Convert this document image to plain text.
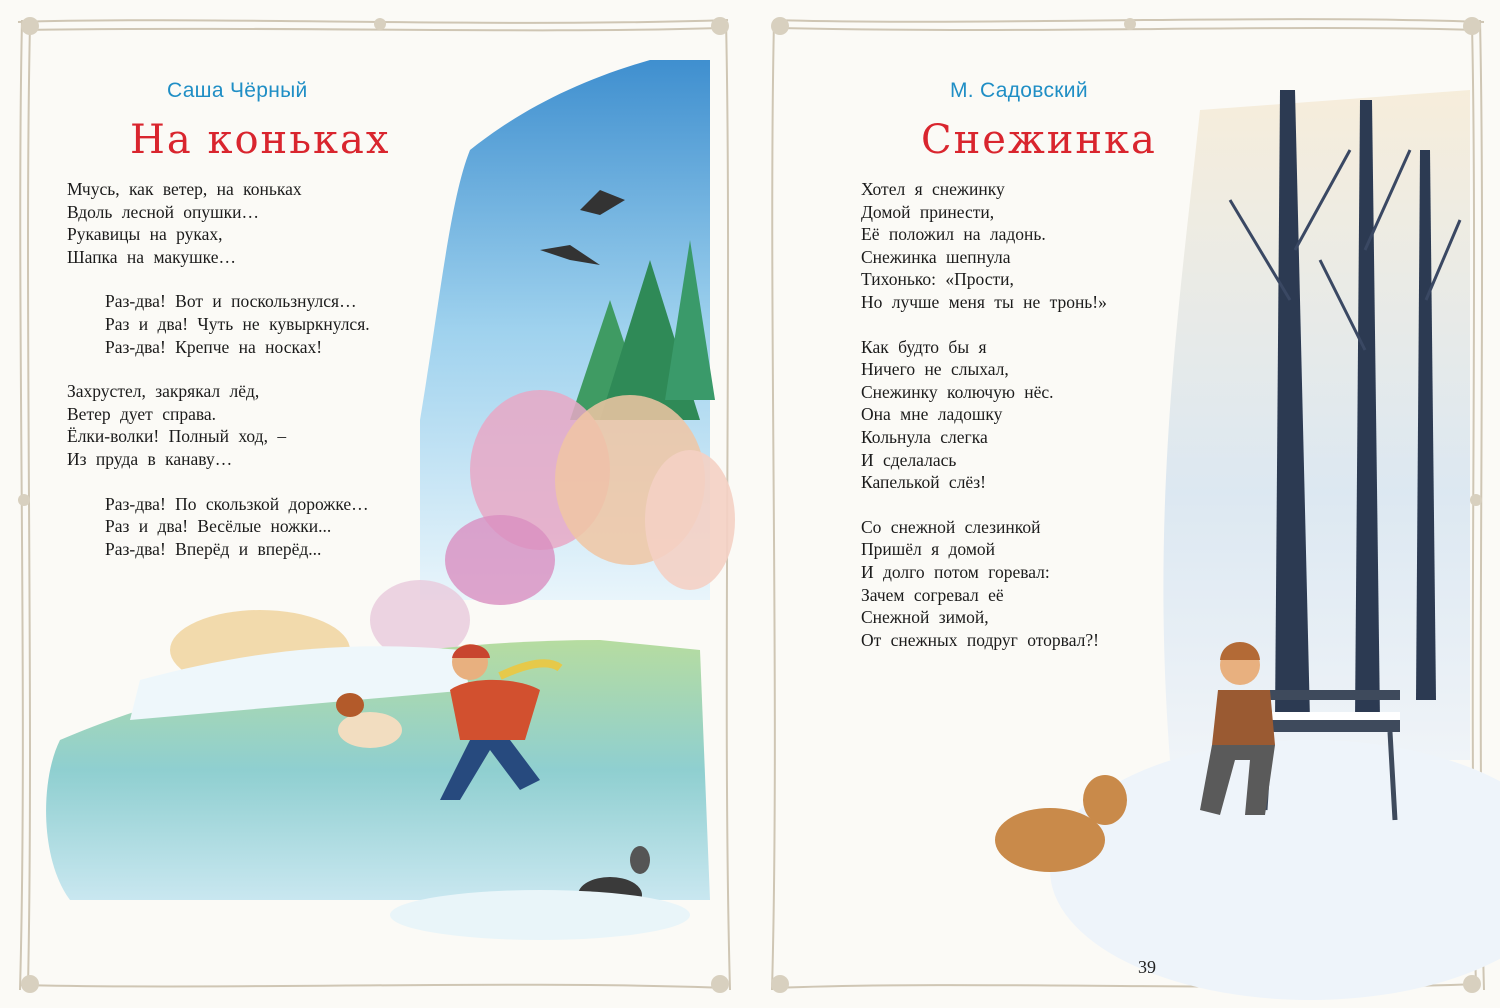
Саша Чёрный
На коньках
Мчусь, как ветер, на коньках
Вдоль лесной опушки…
Рукавицы на руках,
Шапка на макушке…
Раз-два! Вот и поскользнулся…
Раз и два! Чуть не кувыркнулся.
Раз-два! Крепче на носках!
Захрустел, закрякал лёд,
Ветер дует справа.
Ёлки-волки! Полный ход, –
Из пруда в канаву…
Раз-два! По скользкой дорожке…
Раз и два! Весёлые ножки...
Раз-два! Вперёд и вперёд...
М. Садовский
Снежинка
Хотел я снежинку
Домой принести,
Её положил на ладонь.
Снежинка шепнула
Тихонько: «Прости,
Но лучше меня ты не тронь!»
Как будто бы я
Ничего не слыхал,
Снежинку колючую нёс.
Она мне ладошку
Кольнула слегка
И сделалась
Капелькой слёз!
Со снежной слезинкой
Пришёл я домой
И долго потом горевал:
Зачем согревал её
Снежной зимой,
От снежных подруг оторвал?!
39
